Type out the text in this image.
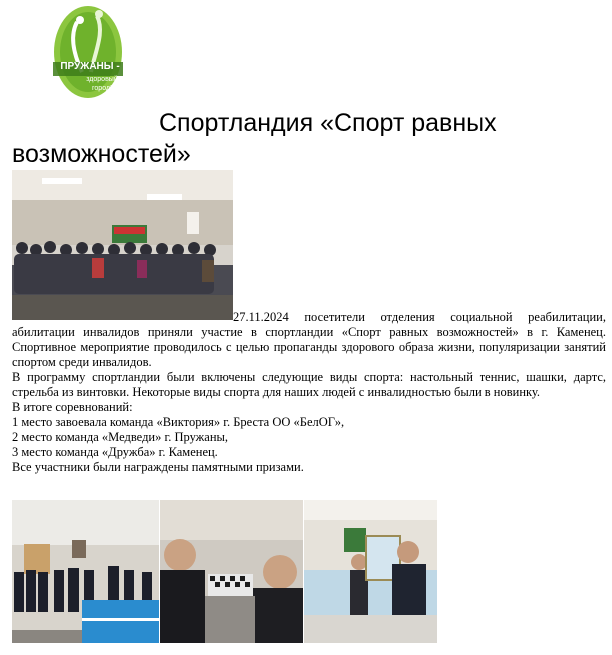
ПРУЖАНЫ -
здоровый город!
Спортландия «Спорт равных
возможностей»

27.11.2024 посетители отделения социальной реабилитации, абилитации инвалидов приняли участие в спортландии «Спорт равных возможностей» в г. Каменец. Спортивное мероприятие проводилось с целью пропаганды здорового образа жизни, популяризации занятий спортом среди инвалидов.

В программу спортландии были включены следующие виды спорта: настольный теннис, шашки, дартс, стрельба из винтовки. Некоторые виды спорта для наших людей с инвалидностью были в новинку.

В итоге соревнований:

1 место завоевала команда «Виктория» г. Бреста ОО «БелОГ»,

2 место команда «Медведи» г. Пружаны,

3 место команда «Дружба» г. Каменец.

Все участники были награждены памятными призами.
